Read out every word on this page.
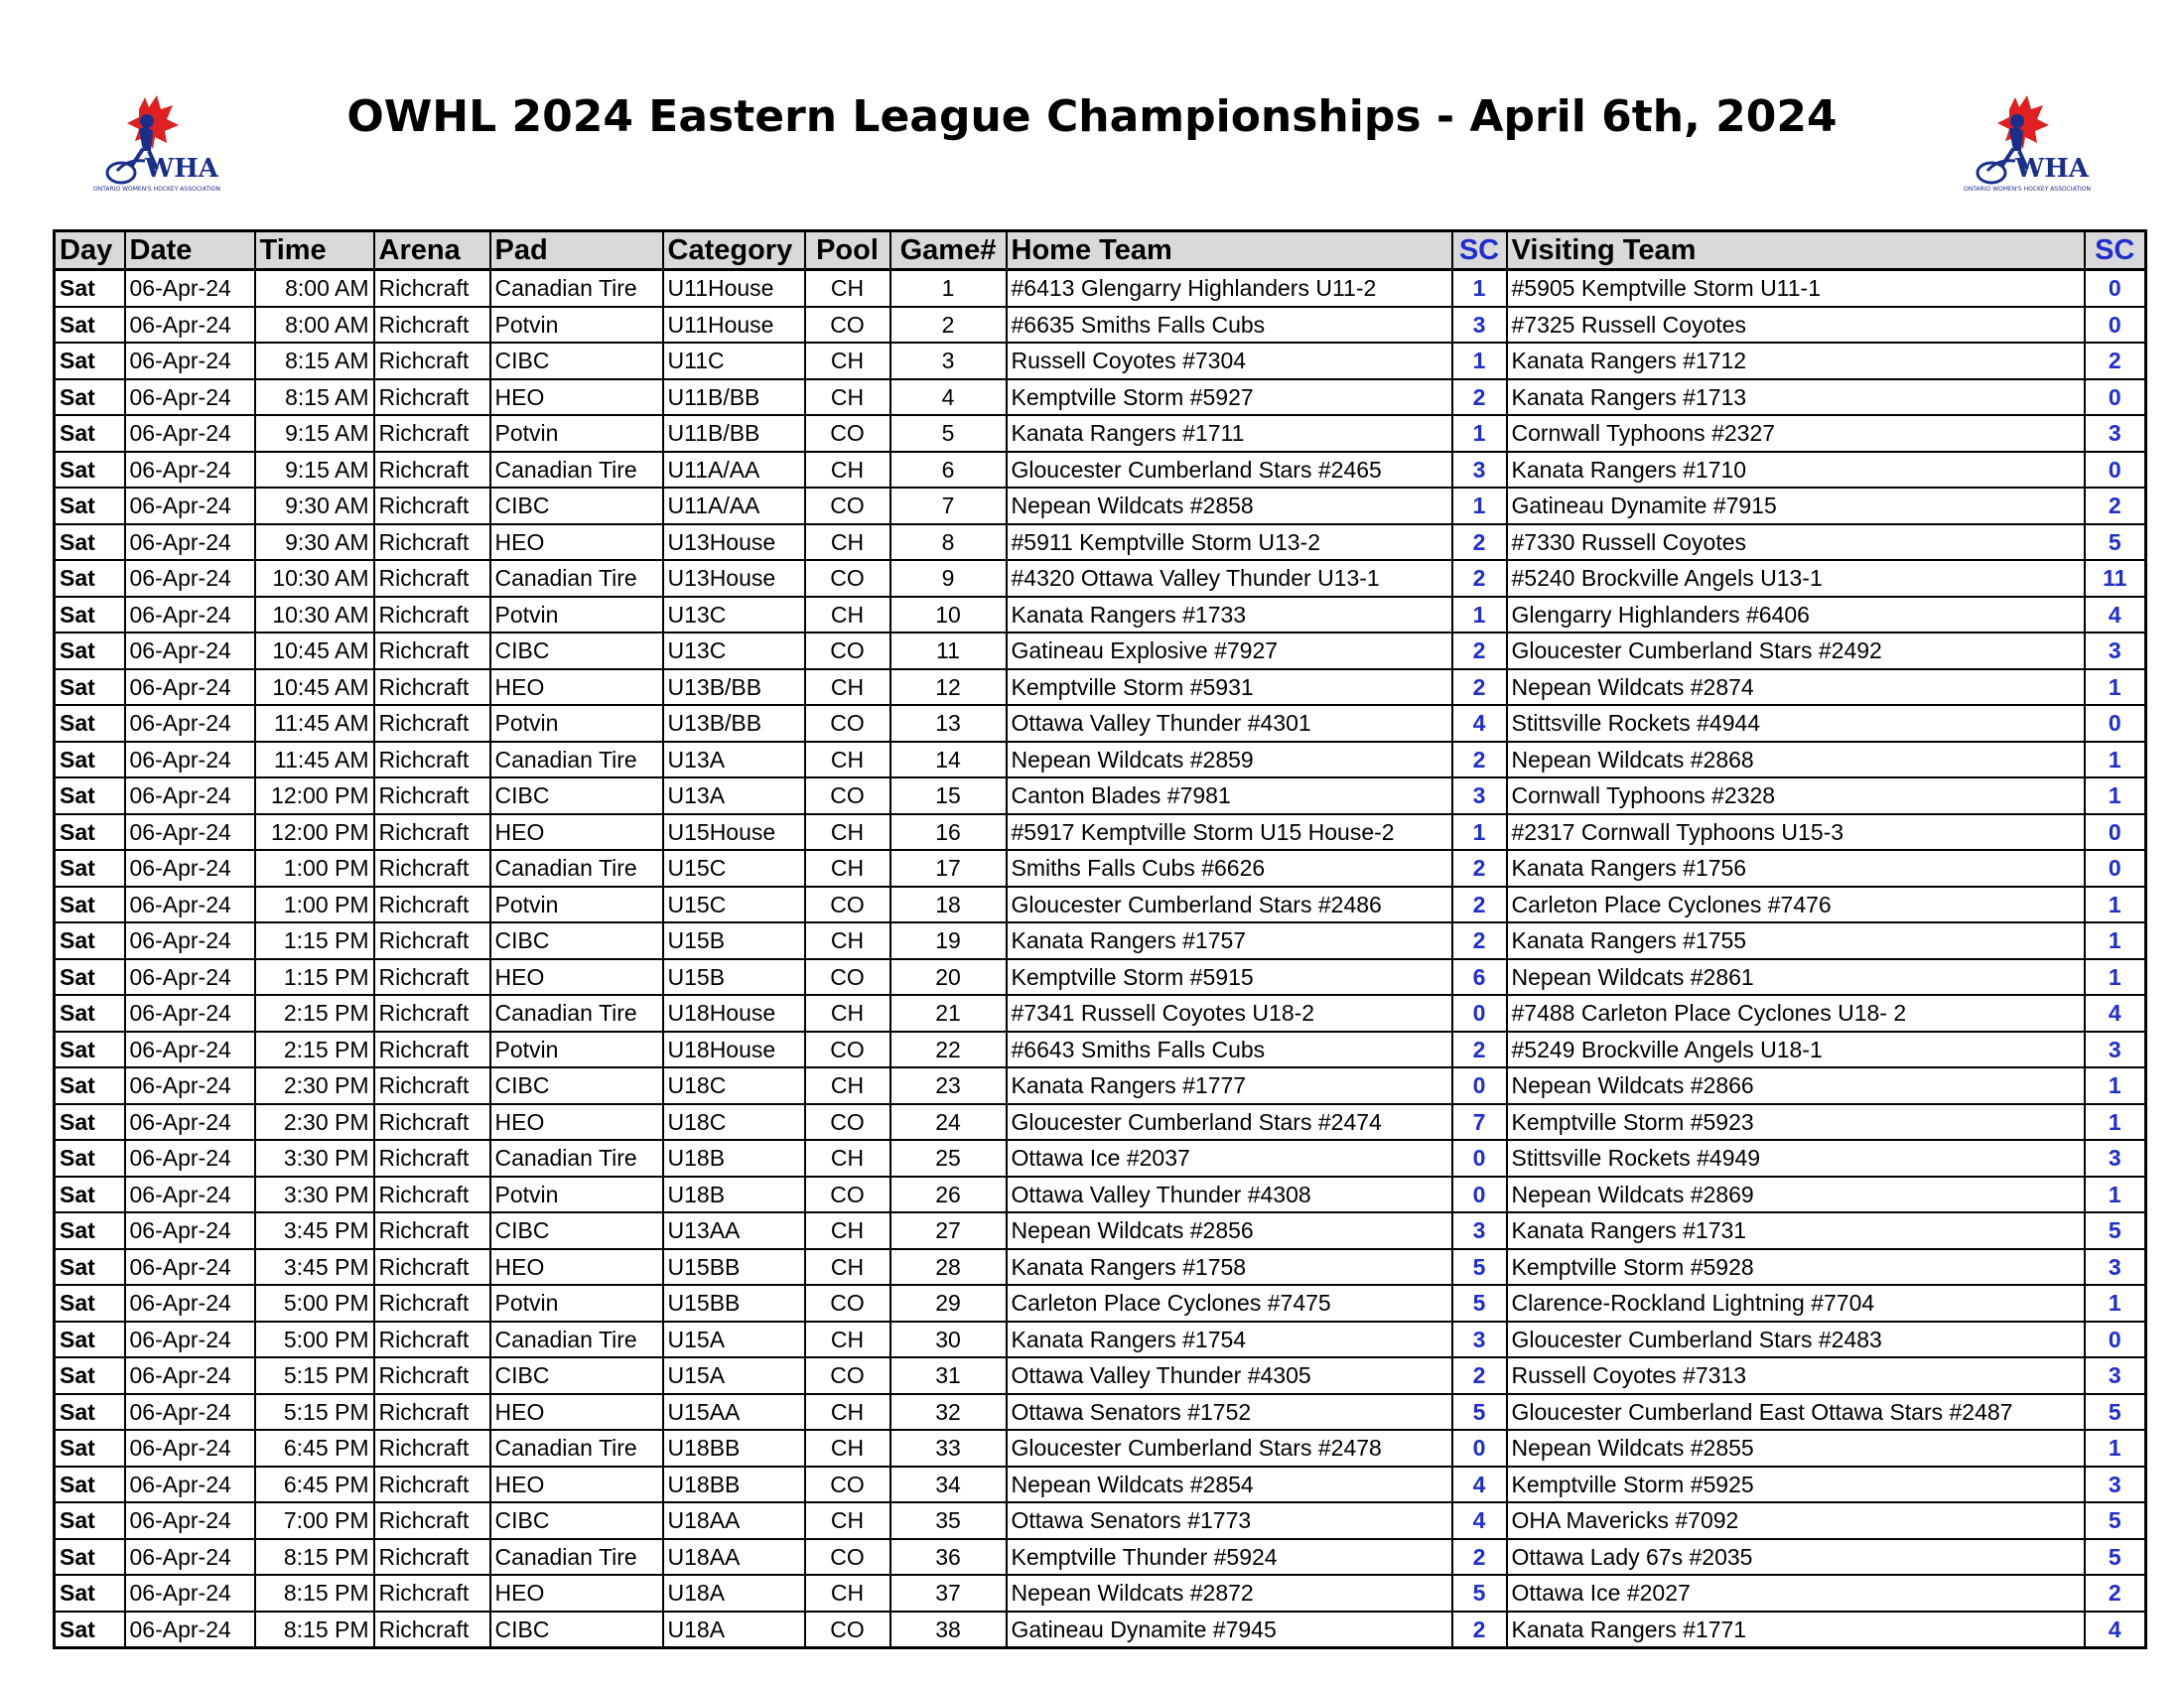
WHA
ONTARIO WOMEN'S HOCKEY ASSOCIATION
OWHL 2024 Eastern League Championships - April 6th, 2024
WHA
ONTARIO WOMEN'S HOCKEY ASSOCIATION
Day	Date	Time	Arena	Pad	Category	Pool	Game#	Home Team	SC	Visiting Team	SC
Sat	06-Apr-24	8:00 AM	Richcraft	Canadian Tire	U11House	CH	1	#6413 Glengarry Highlanders U11-2	1	#5905 Kemptville Storm U11-1	0
Sat	06-Apr-24	8:00 AM	Richcraft	Potvin	U11House	CO	2	#6635 Smiths Falls Cubs	3	#7325 Russell Coyotes	0
Sat	06-Apr-24	8:15 AM	Richcraft	CIBC	U11C	CH	3	Russell Coyotes #7304	1	Kanata Rangers #1712	2
Sat	06-Apr-24	8:15 AM	Richcraft	HEO	U11B/BB	CH	4	Kemptville Storm #5927	2	Kanata Rangers #1713	0
Sat	06-Apr-24	9:15 AM	Richcraft	Potvin	U11B/BB	CO	5	Kanata Rangers #1711	1	Cornwall Typhoons #2327	3
Sat	06-Apr-24	9:15 AM	Richcraft	Canadian Tire	U11A/AA	CH	6	Gloucester Cumberland Stars #2465	3	Kanata Rangers #1710	0
Sat	06-Apr-24	9:30 AM	Richcraft	CIBC	U11A/AA	CO	7	Nepean Wildcats #2858	1	Gatineau Dynamite #7915	2
Sat	06-Apr-24	9:30 AM	Richcraft	HEO	U13House	CH	8	#5911 Kemptville Storm U13-2	2	#7330 Russell Coyotes	5
Sat	06-Apr-24	10:30 AM	Richcraft	Canadian Tire	U13House	CO	9	#4320 Ottawa Valley Thunder U13-1	2	#5240 Brockville Angels U13-1	11
Sat	06-Apr-24	10:30 AM	Richcraft	Potvin	U13C	CH	10	Kanata Rangers #1733	1	Glengarry Highlanders #6406	4
Sat	06-Apr-24	10:45 AM	Richcraft	CIBC	U13C	CO	11	Gatineau Explosive #7927	2	Gloucester Cumberland Stars #2492	3
Sat	06-Apr-24	10:45 AM	Richcraft	HEO	U13B/BB	CH	12	Kemptville Storm #5931	2	Nepean Wildcats #2874	1
Sat	06-Apr-24	11:45 AM	Richcraft	Potvin	U13B/BB	CO	13	Ottawa Valley Thunder #4301	4	Stittsville Rockets #4944	0
Sat	06-Apr-24	11:45 AM	Richcraft	Canadian Tire	U13A	CH	14	Nepean Wildcats #2859	2	Nepean Wildcats #2868	1
Sat	06-Apr-24	12:00 PM	Richcraft	CIBC	U13A	CO	15	Canton Blades #7981	3	Cornwall Typhoons #2328	1
Sat	06-Apr-24	12:00 PM	Richcraft	HEO	U15House	CH	16	#5917 Kemptville Storm U15 House-2	1	#2317 Cornwall Typhoons U15-3	0
Sat	06-Apr-24	1:00 PM	Richcraft	Canadian Tire	U15C	CH	17	Smiths Falls Cubs #6626	2	Kanata Rangers #1756	0
Sat	06-Apr-24	1:00 PM	Richcraft	Potvin	U15C	CO	18	Gloucester Cumberland Stars #2486	2	Carleton Place Cyclones #7476	1
Sat	06-Apr-24	1:15 PM	Richcraft	CIBC	U15B	CH	19	Kanata Rangers #1757	2	Kanata Rangers #1755	1
Sat	06-Apr-24	1:15 PM	Richcraft	HEO	U15B	CO	20	Kemptville Storm #5915	6	Nepean Wildcats #2861	1
Sat	06-Apr-24	2:15 PM	Richcraft	Canadian Tire	U18House	CH	21	#7341 Russell Coyotes U18-2	0	#7488 Carleton Place Cyclones U18- 2	4
Sat	06-Apr-24	2:15 PM	Richcraft	Potvin	U18House	CO	22	#6643 Smiths Falls Cubs	2	#5249 Brockville Angels U18-1	3
Sat	06-Apr-24	2:30 PM	Richcraft	CIBC	U18C	CH	23	Kanata Rangers #1777	0	Nepean Wildcats #2866	1
Sat	06-Apr-24	2:30 PM	Richcraft	HEO	U18C	CO	24	Gloucester Cumberland Stars #2474	7	Kemptville Storm #5923	1
Sat	06-Apr-24	3:30 PM	Richcraft	Canadian Tire	U18B	CH	25	Ottawa Ice #2037	0	Stittsville Rockets #4949	3
Sat	06-Apr-24	3:30 PM	Richcraft	Potvin	U18B	CO	26	Ottawa Valley Thunder #4308	0	Nepean Wildcats #2869	1
Sat	06-Apr-24	3:45 PM	Richcraft	CIBC	U13AA	CH	27	Nepean Wildcats #2856	3	Kanata Rangers #1731	5
Sat	06-Apr-24	3:45 PM	Richcraft	HEO	U15BB	CH	28	Kanata Rangers #1758	5	Kemptville Storm #5928	3
Sat	06-Apr-24	5:00 PM	Richcraft	Potvin	U15BB	CO	29	Carleton Place Cyclones #7475	5	Clarence-Rockland Lightning #7704	1
Sat	06-Apr-24	5:00 PM	Richcraft	Canadian Tire	U15A	CH	30	Kanata Rangers #1754	3	Gloucester Cumberland Stars #2483	0
Sat	06-Apr-24	5:15 PM	Richcraft	CIBC	U15A	CO	31	Ottawa Valley Thunder #4305	2	Russell Coyotes #7313	3
Sat	06-Apr-24	5:15 PM	Richcraft	HEO	U15AA	CH	32	Ottawa Senators #1752	5	Gloucester Cumberland East Ottawa Stars #2487	5
Sat	06-Apr-24	6:45 PM	Richcraft	Canadian Tire	U18BB	CH	33	Gloucester Cumberland Stars #2478	0	Nepean Wildcats #2855	1
Sat	06-Apr-24	6:45 PM	Richcraft	HEO	U18BB	CO	34	Nepean Wildcats #2854	4	Kemptville Storm #5925	3
Sat	06-Apr-24	7:00 PM	Richcraft	CIBC	U18AA	CH	35	Ottawa Senators #1773	4	OHA Mavericks #7092	5
Sat	06-Apr-24	8:15 PM	Richcraft	Canadian Tire	U18AA	CO	36	Kemptville Thunder #5924	2	Ottawa Lady 67s #2035	5
Sat	06-Apr-24	8:15 PM	Richcraft	HEO	U18A	CH	37	Nepean Wildcats #2872	5	Ottawa Ice #2027	2
Sat	06-Apr-24	8:15 PM	Richcraft	CIBC	U18A	CO	38	Gatineau Dynamite #7945	2	Kanata Rangers #1771	4
